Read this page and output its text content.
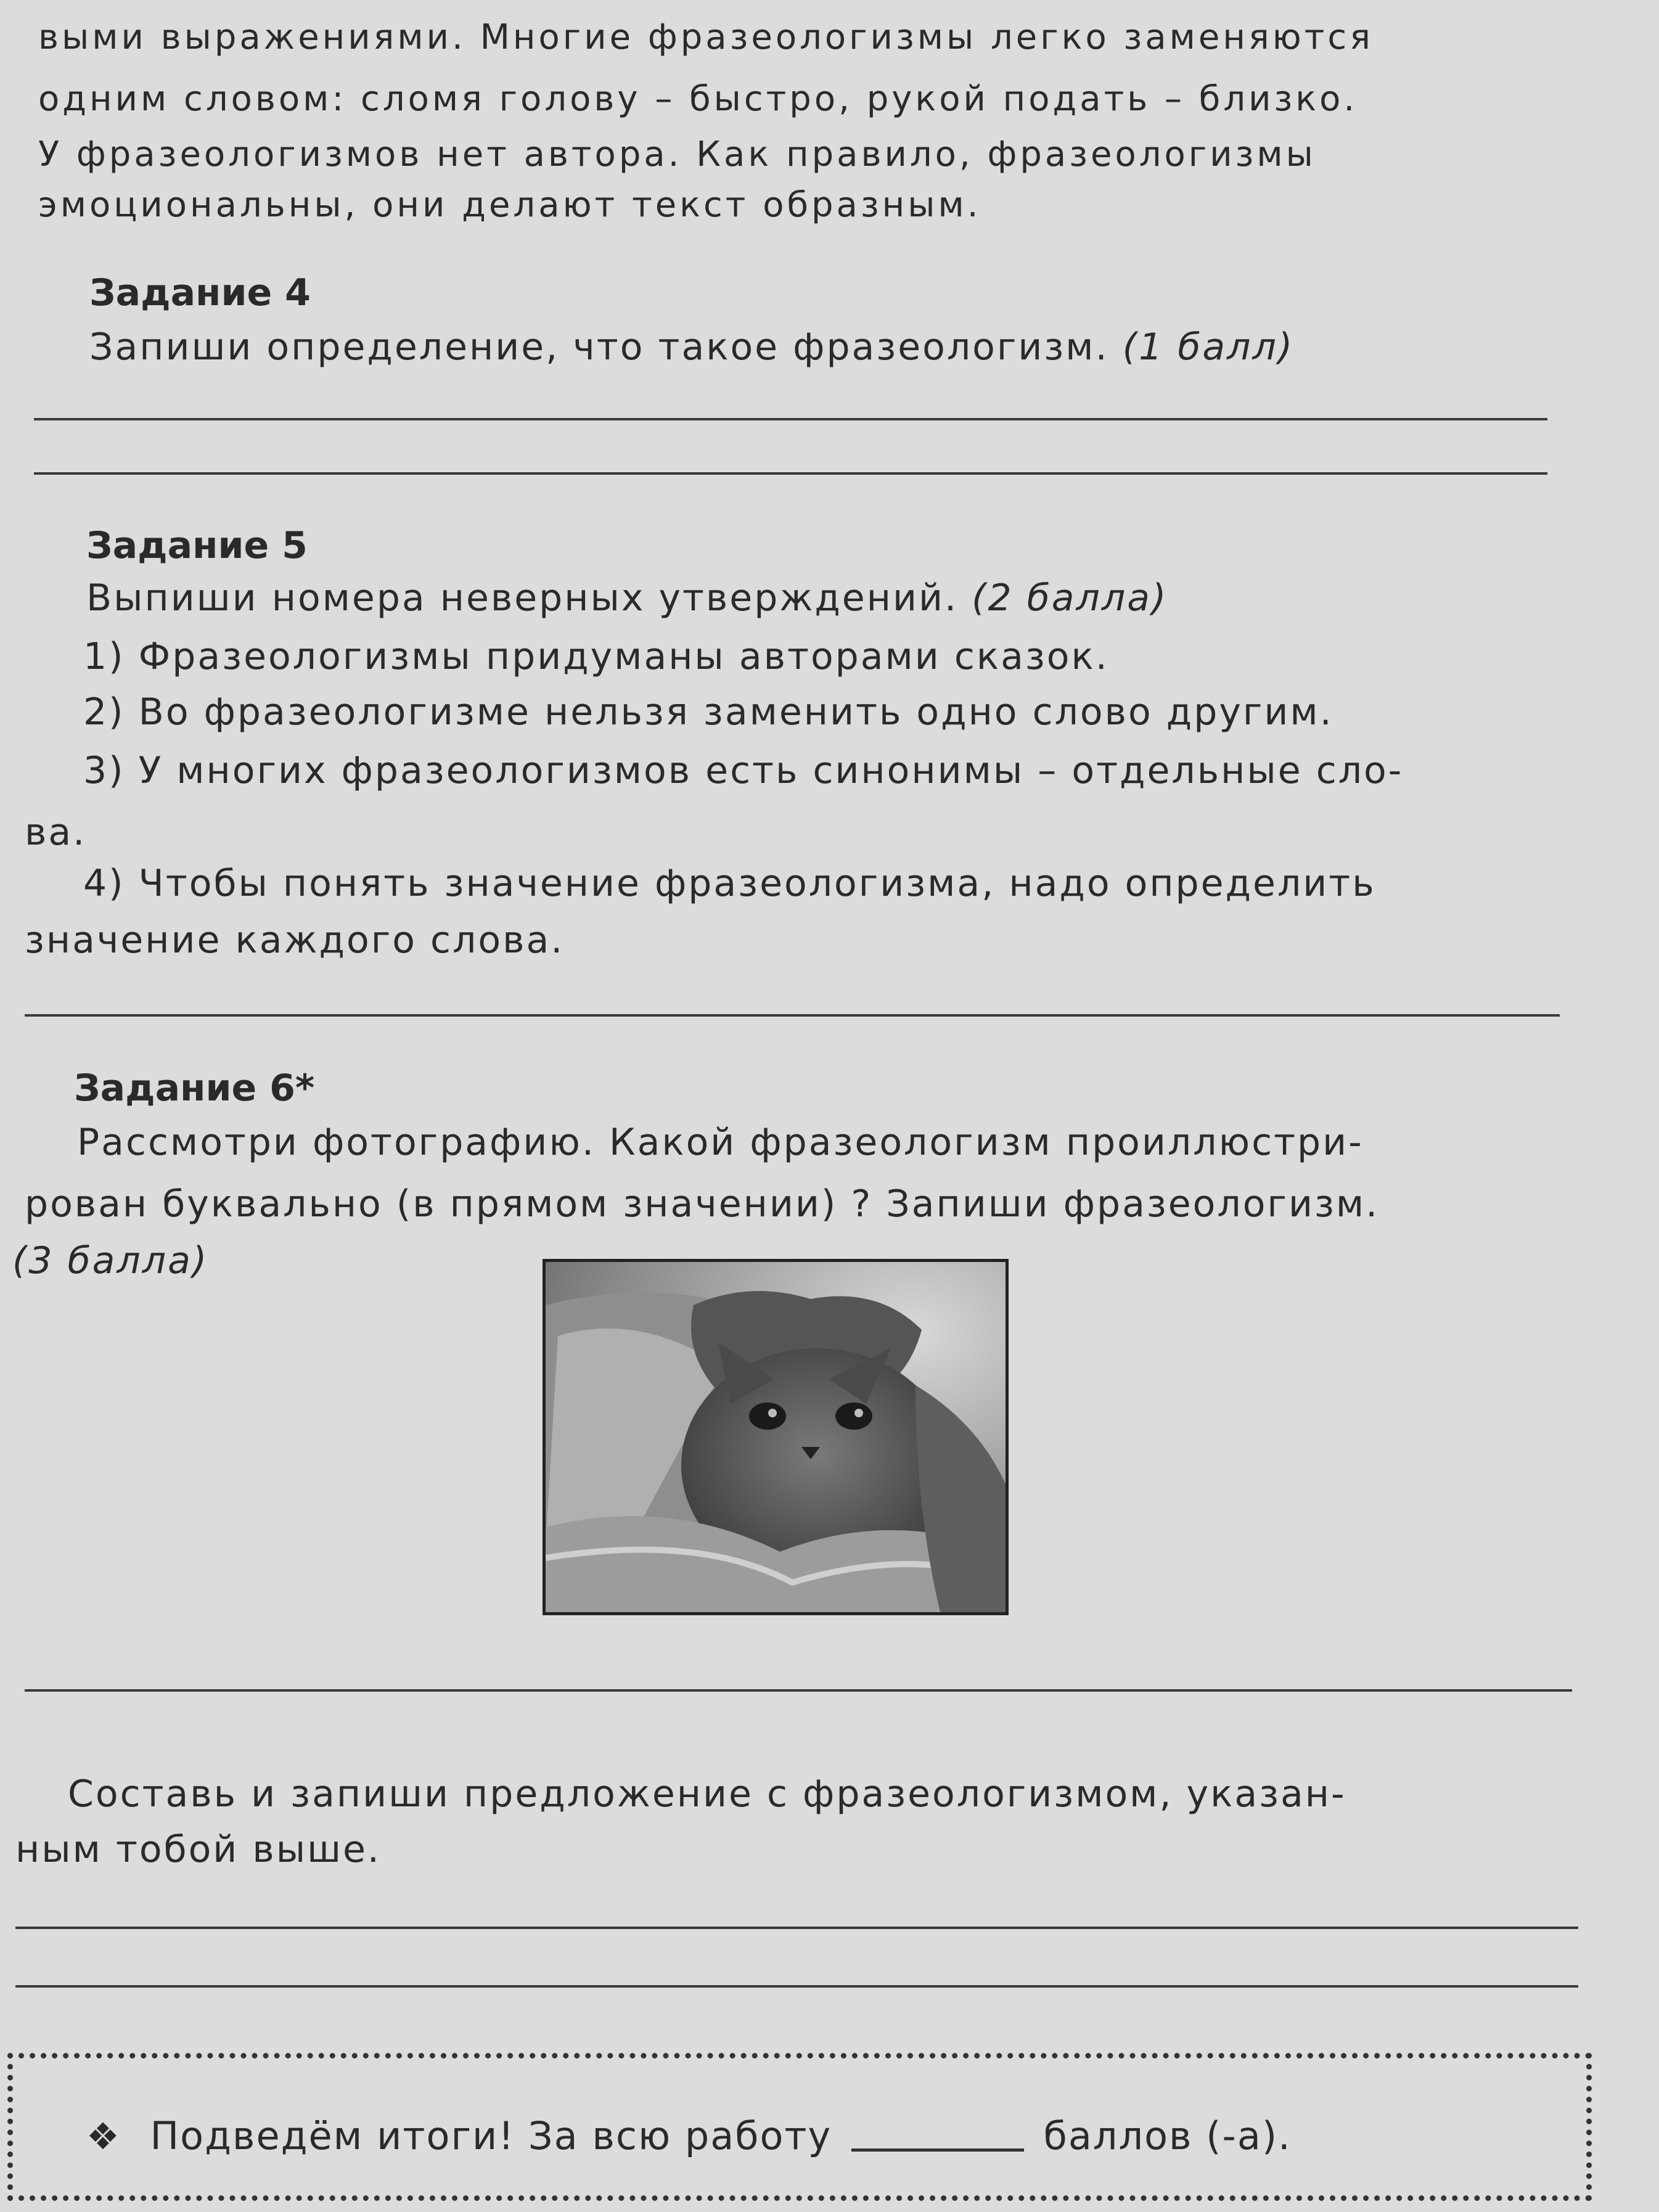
выми выражениями. Многие фразеологизмы легко заменяются
одним словом: сломя голову – быстро, рукой подать – близко.
У фразеологизмов нет автора. Как правило, фразеологизмы
эмоциональны, они делают текст образным.
Задание 4
Запиши определение, что такое фразеологизм. (1 балл)
Задание 5
Выпиши номера неверных утверждений. (2 балла)
1) Фразеологизмы придуманы авторами сказок.
2) Во фразеологизме нельзя заменить одно слово другим.
3) У многих фразеологизмов есть синонимы – отдельные сло-
ва.
4) Чтобы понять значение фразеологизма, надо определить
значение каждого слова.
Задание 6*
Рассмотри фотографию. Какой фразеологизм проиллюстри-
рован буквально (в прямом значении) ? Запиши фразеологизм.
(3 балла)
Составь и запиши предложение с фразеологизмом, указан-
ным тобой выше.
❖ Подведём итоги! За всю работу	баллов (-а).
